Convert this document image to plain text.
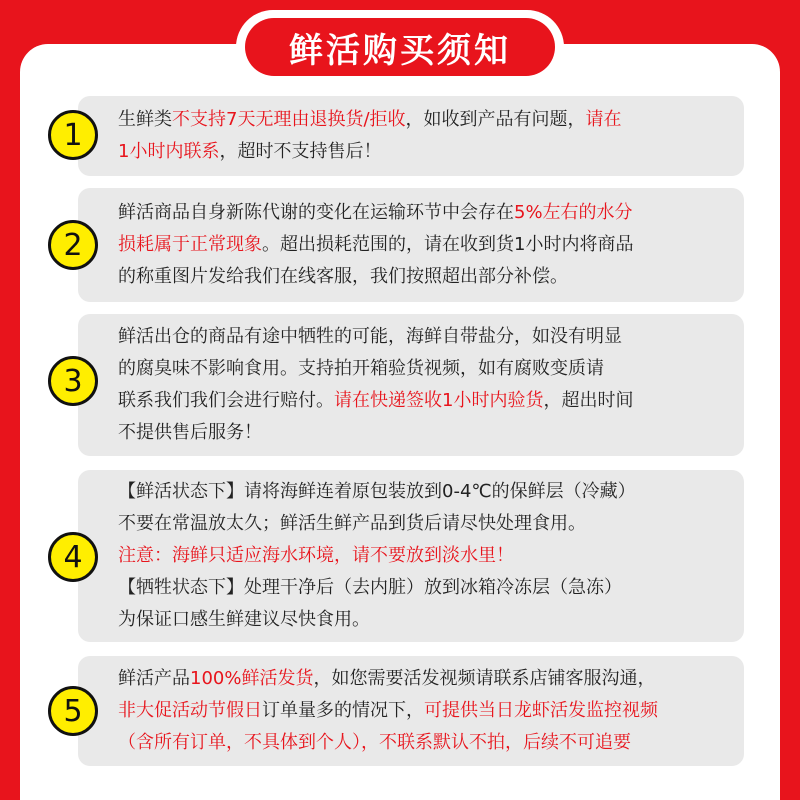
鲜活购买须知
1	生鲜类不支持7天无理由退换货/拒收，如收到产品有问题，请在
1小时内联系，超时不支持售后！
2
鲜活商品自身新陈代谢的变化在运输环节中会存在5%左右的水分
损耗属于正常现象。超出损耗范围的，请在收到货1小时内将商品
的称重图片发给我们在线客服，我们按照超出部分补偿。
3
鲜活出仓的商品有途中牺牲的可能，海鲜自带盐分，如没有明显
的腐臭味不影响食用。支持拍开箱验货视频，如有腐败变质请
联系我们我们会进行赔付。请在快递签收1小时内验货，超出时间
不提供售后服务！
4
【鲜活状态下】请将海鲜连着原包装放到0-4℃的保鲜层（冷藏）
不要在常温放太久；鲜活生鲜产品到货后请尽快处理食用。
注意：海鲜只适应海水环境，请不要放到淡水里！
【牺牲状态下】处理干净后（去内脏）放到冰箱冷冻层（急冻）
为保证口感生鲜建议尽快食用。
5
鲜活产品100%鲜活发货，如您需要活发视频请联系店铺客服沟通，
非大促活动节假日订单量多的情况下，可提供当日龙虾活发监控视频
（含所有订单，不具体到个人），不联系默认不拍，后续不可追要
